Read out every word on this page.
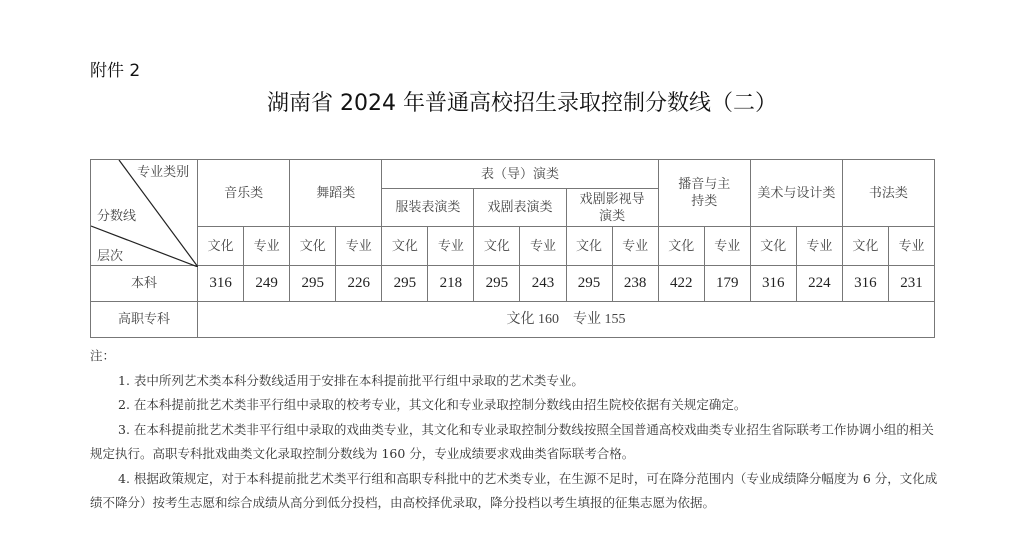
附件 2
湖南省 2024 年普通高校招生录取控制分数线（二）
专业类别
分数线
层次	音乐类		舞蹈类		表（导）演类						播音与主持类		美术与设计类		书法类	
					服装表演类		戏剧表演类		戏剧影视导演类							
	文化	专业	文化	专业	文化	专业	文化	专业	文化	专业	文化	专业	文化	专业	文化	专业
本科	316	249	295	226	295	218	295	243	295	238	422	179	316	224	316	231
高职专科	文化 160　专业 155															
注：
1. 表中所列艺术类本科分数线适用于安排在本科提前批平行组中录取的艺术类专业。
2. 在本科提前批艺术类非平行组中录取的校考专业，其文化和专业录取控制分数线由招生院校依据有关规定确定。
3. 在本科提前批艺术类非平行组中录取的戏曲类专业，其文化和专业录取控制分数线按照全国普通高校戏曲类专业招生省际联考工作协调小组的相关规定执行。高职专科批戏曲类文化录取控制分数线为 160 分，专业成绩要求戏曲类省际联考合格。
4. 根据政策规定，对于本科提前批艺术类平行组和高职专科批中的艺术类专业，在生源不足时，可在降分范围内（专业成绩降分幅度为 6 分，文化成绩不降分）按考生志愿和综合成绩从高分到低分投档，由高校择优录取，降分投档以考生填报的征集志愿为依据。
